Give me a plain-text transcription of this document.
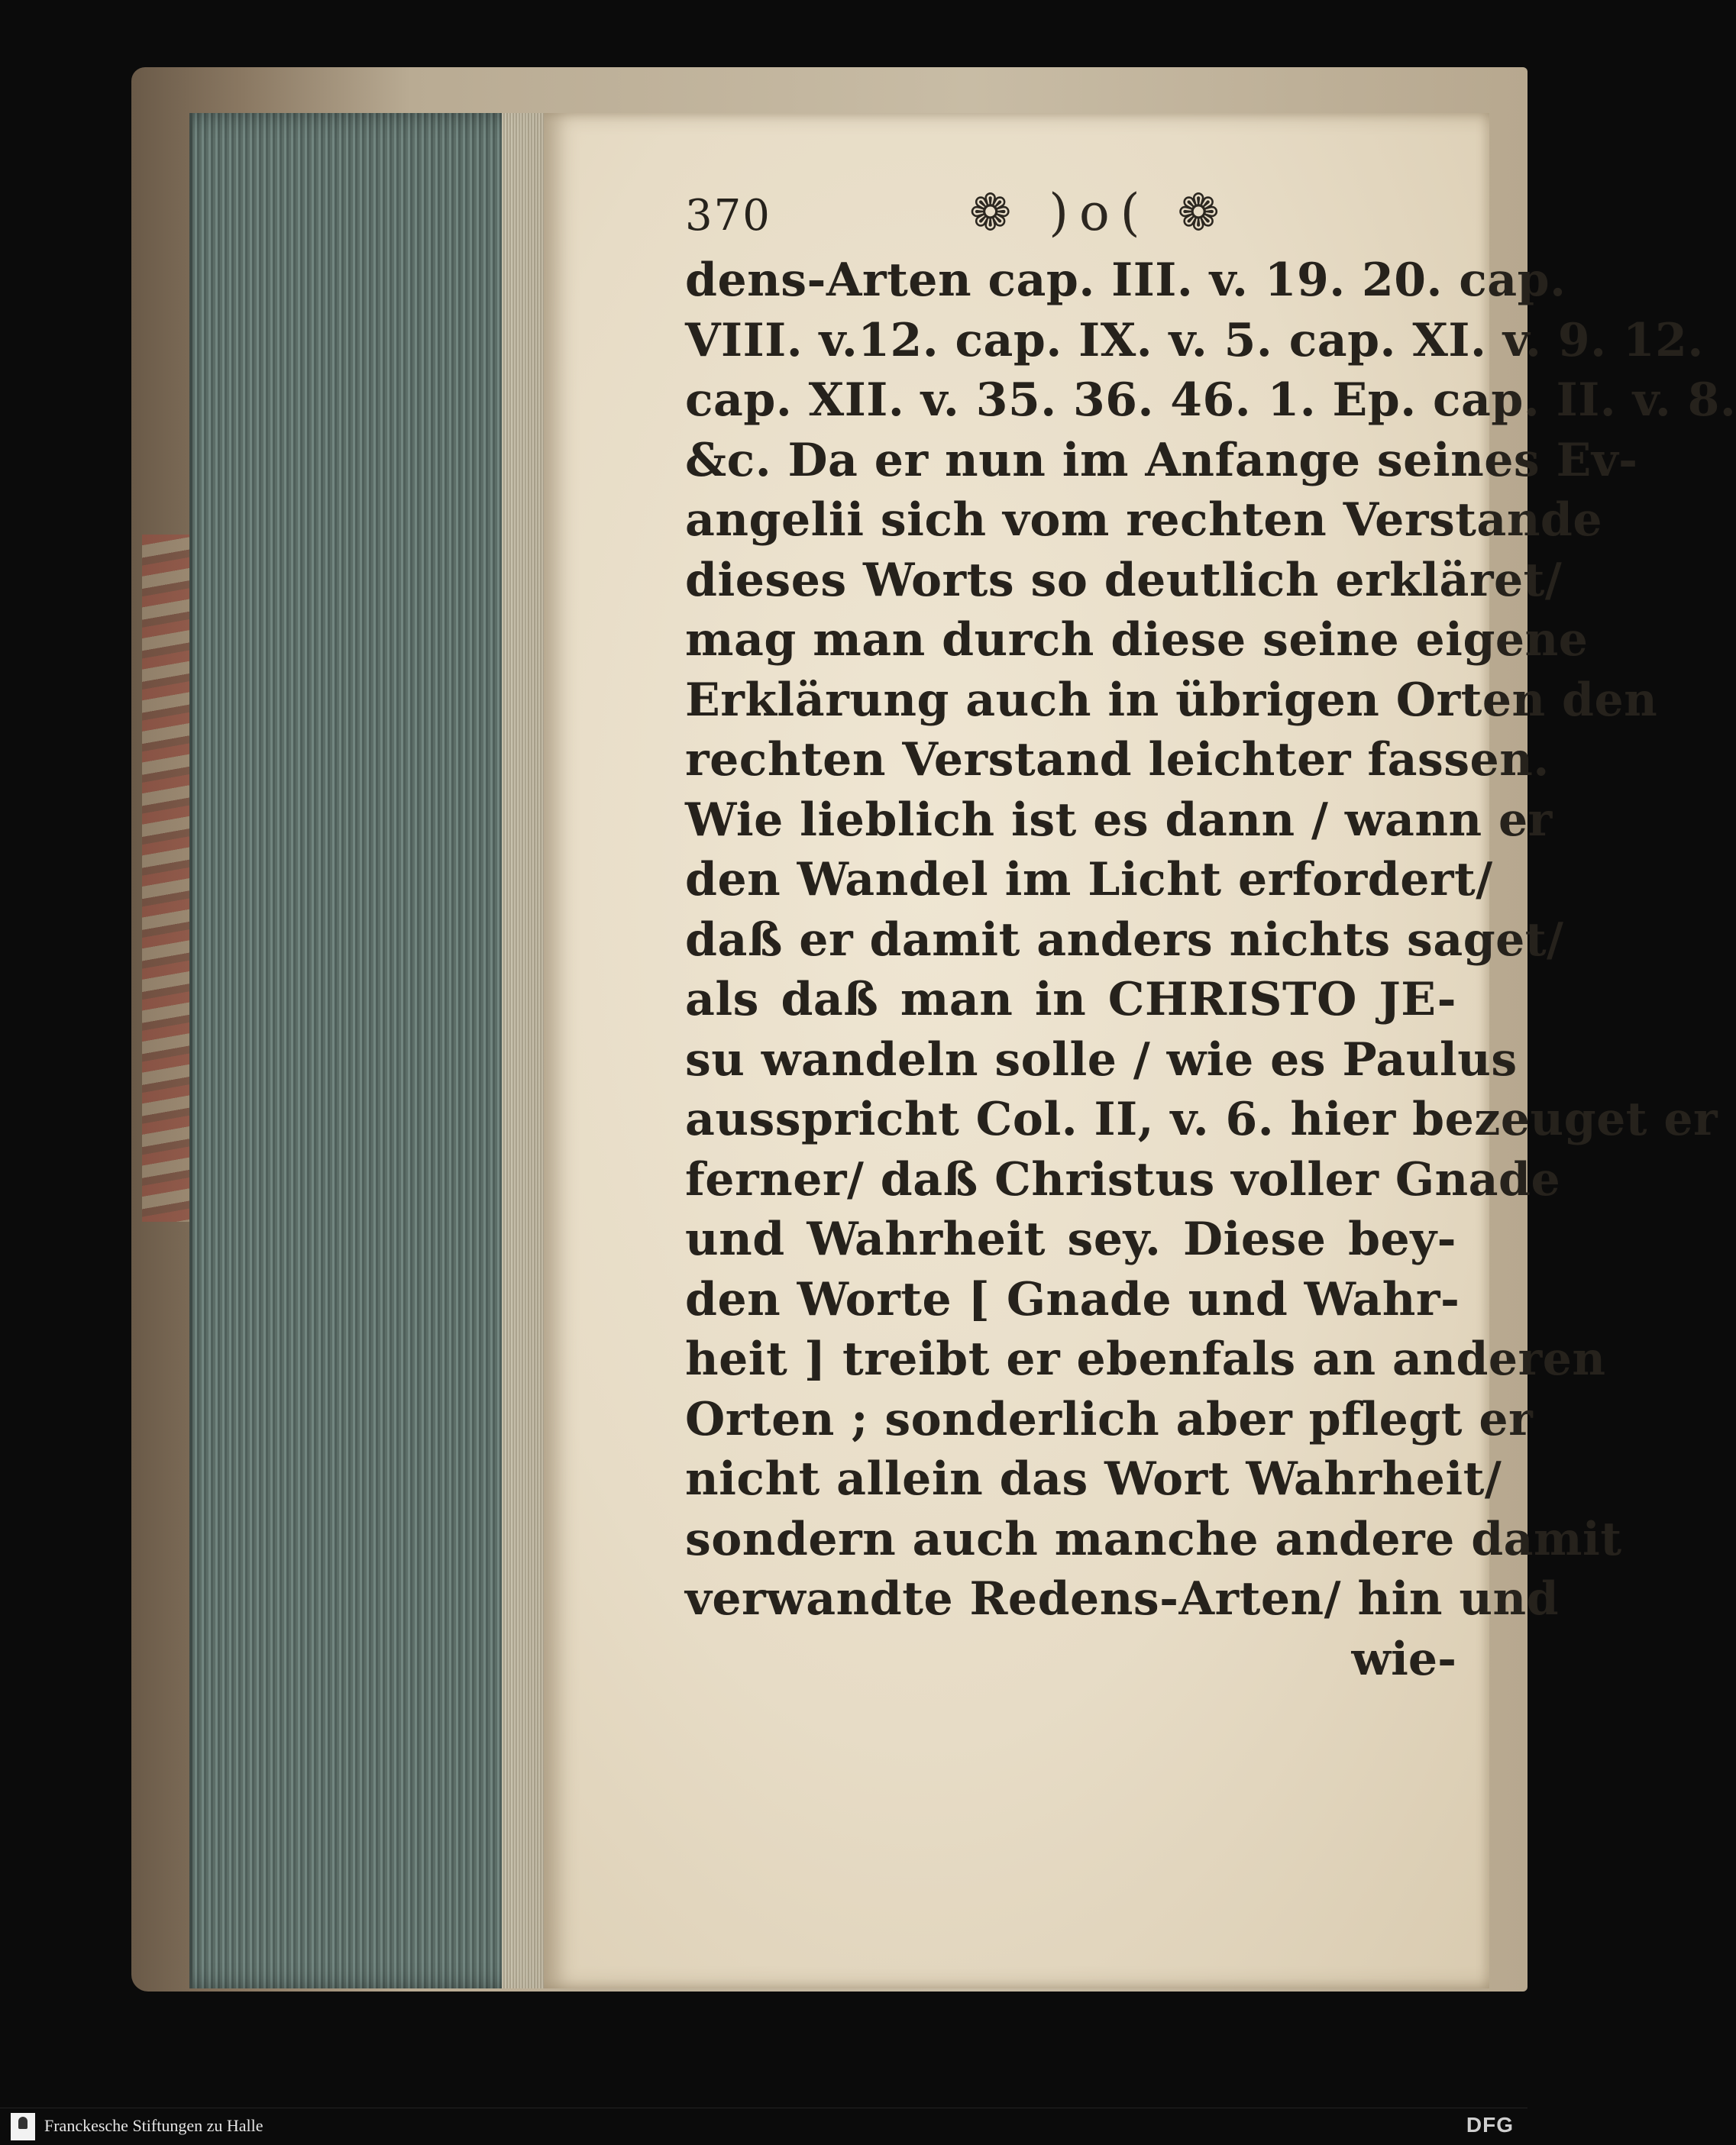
370	❁ )o( ❁
dens-Arten cap. III. v. 19. 20. cap.
VIII. v.12. cap. IX. v. 5. cap. XI. v. 9. 12.
cap. XII. v. 35. 36. 46. 1. Ep. cap. II. v. 8.
&c. Da er nun im Anfange seines Ev-
angelii sich vom rechten Verstande
dieses Worts so deutlich erkläret/
mag man durch diese seine eigene
Erklärung auch in übrigen Orten den
rechten Verstand leichter fassen.
Wie lieblich ist es dann / wann er
den Wandel im Licht erfordert/
daß er damit anders nichts saget/
als daß man in CHRISTO JE-
su wandeln solle / wie es Paulus
ausspricht Col. II, v. 6. hier bezeuget er
ferner/ daß Christus voller Gnade
und Wahrheit sey. Diese bey-
den Worte [ Gnade und Wahr-
heit ] treibt er ebenfals an anderen
Orten ; sonderlich aber pflegt er
nicht allein das Wort Wahrheit/
sondern auch manche andere damit
verwandte Redens-Arten/ hin und
wie-
Franckesche Stiftungen zu Halle	DFG
